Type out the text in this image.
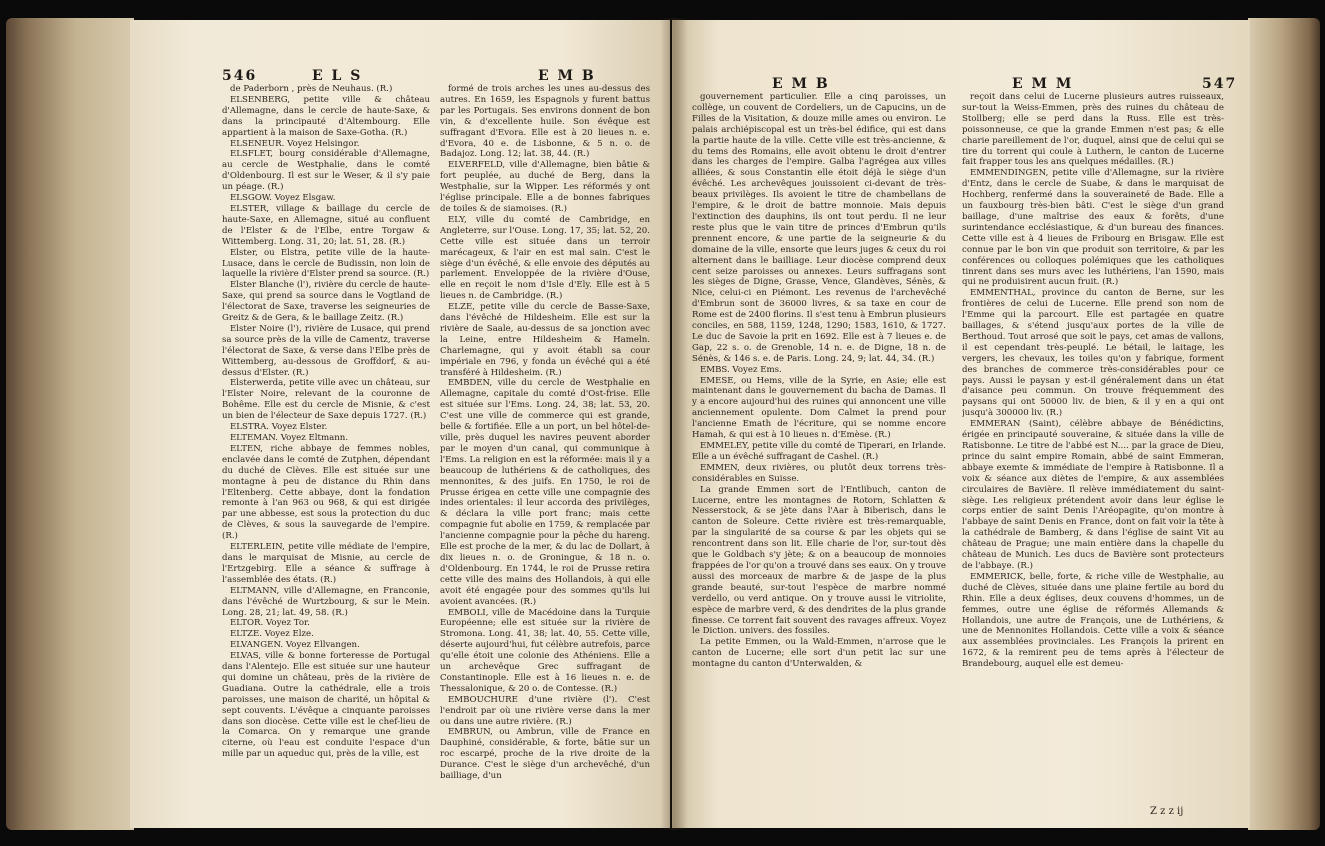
546	E L S	E M B

de Paderborn , près de Neuhaus. (R.)

ELSENBERG, petite ville & château d'Allemagne, dans le cercle de haute-Saxe, & dans la principauté d'Altembourg. Elle appartient à la maison de Saxe-Gotha. (R.)

ELSENEUR. Voyez Helsingor.

ELSFLET, bourg considérable d'Allemagne, au cercle de Westphalie, dans le comté d'Oldenbourg. Il est sur le Weser, & il s'y paie un péage. (R.)

ELSGOW. Voyez Elsgaw.

ELSTER, village & baillage du cercle de haute-Saxe, en Allemagne, situé au confluent de l'Elster & de l'Elbe, entre Torgaw & Wittemberg. Long. 31, 20; lat. 51, 28. (R.)

Elster, ou Elstra, petite ville de la haute-Lusace, dans le cercle de Budissin, non loin de laquelle la rivière d'Elster prend sa source. (R.)

Elster Blanche (l'), rivière du cercle de haute-Saxe, qui prend sa source dans le Vogtland de l'électorat de Saxe, traverse les seigneuries de Greitz & de Gera, & le baillage Zeitz. (R.)

Elster Noire (l'), rivière de Lusace, qui prend sa source près de la ville de Camentz, traverse l'électorat de Saxe, & verse dans l'Elbe près de Wittemberg, au-dessous de Groffdorf, & au-dessus d'Elster. (R.)

Elsterwerda, petite ville avec un château, sur l'Elster Noire, relevant de la couronne de Bohême. Elle est du cercle de Misnie, & c'est un bien de l'électeur de Saxe depuis 1727. (R.)

ELSTRA. Voyez Elster.

ELTEMAN. Voyez Eltmann.

ELTEN, riche abbaye de femmes nobles, enclavée dans le comté de Zutphen, dépendant du duché de Clèves. Elle est située sur une montagne à peu de distance du Rhin dans l'Eltenberg. Cette abbaye, dont la fondation remonte à l'an 963 ou 968, & qui est dirigée par une abbesse, est sous la protection du duc de Clèves, & sous la sauvegarde de l'empire. (R.)

ELTERLEIN, petite ville médiate de l'empire, dans le marquisat de Misnie, au cercle de l'Ertzgebirg. Elle a séance & suffrage à l'assemblée des états. (R.)

ELTMANN, ville d'Allemagne, en Franconie, dans l'évêché de Wurtzbourg, & sur le Mein. Long. 28, 21; lat. 49, 58. (R.)

ELTOR. Voyez Tor.

ELTZE. Voyez Elze.

ELVANGEN. Voyez Ellvangen.

ELVAS, ville & bonne forteresse de Portugal dans l'Alentejo. Elle est située sur une hauteur qui domine un château, près de la rivière de Guadiana. Outre la cathédrale, elle a trois paroisses, une maison de charité, un hôpital & sept couvents. L'évêque a cinquante paroisses dans son diocèse. Cette ville est le chef-lieu de la Comarca. On y remarque une grande citerne, où l'eau est conduite l'espace d'un mille par un aqueduc qui, près de la ville, est

formé de trois arches les unes au-dessus des autres. En 1659, les Espagnols y furent battus par les Portugais. Ses environs donnent de bon vin, & d'excellente huile. Son évêque est suffragant d'Evora. Elle est à 20 lieues n. e. d'Evora, 40 e. de Lisbonne, & 5 n. o. de Badajoz. Long. 12; lat. 38, 44. (R.)

ELVERFELD, ville d'Allemagne, bien bâtie & fort peuplée, au duché de Berg, dans la Westphalie, sur la Wipper. Les réformés y ont l'église principale. Elle a de bonnes fabriques de toiles & de siamoises. (R.)

ELY, ville du comté de Cambridge, en Angleterre, sur l'Ouse. Long. 17, 35; lat. 52, 20. Cette ville est située dans un terroir marécageux, & l'air en est mal sain. C'est le siège d'un évêché, & elle envoie des députés au parlement. Enveloppée de la rivière d'Ouse, elle en reçoit le nom d'Isle d'Ely. Elle est à 5 lieues n. de Cambridge. (R.)

ELZE, petite ville du cercle de Basse-Saxe, dans l'évêché de Hildesheim. Elle est sur la rivière de Saale, au-dessus de sa jonction avec la Leine, entre Hildesheim & Hameln. Charlemagne, qui y avoit établi sa cour impériale en 796, y fonda un évêché qui a été transféré à Hildesheim. (R.)

EMBDEN, ville du cercle de Westphalie en Allemagne, capitale du comté d'Ost-frise. Elle est située sur l'Ems. Long. 24, 38; lat. 53, 20. C'est une ville de commerce qui est grande, belle & fortifiée. Elle a un port, un bel hôtel-de-ville, près duquel les navires peuvent aborder par le moyen d'un canal, qui communique à l'Ems. La religion en est la réformée: mais il y a beaucoup de luthériens & de catholiques, des mennonites, & des juifs. En 1750, le roi de Prusse érigea en cette ville une compagnie des indes orientales: il leur accorda des privilèges, & déclara la ville port franc; mais cette compagnie fut abolie en 1759, & remplacée par l'ancienne compagnie pour la pêche du hareng. Elle est proche de la mer, & du lac de Dollart, à dix lieues n. o. de Groningue, & 18 n. o. d'Oldenbourg. En 1744, le roi de Prusse retira cette ville des mains des Hollandois, à qui elle avoit été engagée pour des sommes qu'ils lui avoient avancées. (R.)

EMBOLI, ville de Macédoine dans la Turquie Européenne; elle est située sur la rivière de Stromona. Long. 41, 38; lat. 40, 55. Cette ville, déserte aujourd'hui, fut célèbre autrefois, parce qu'elle étoit une colonie des Athéniens. Elle a un archevêque Grec suffragant de Constantinople. Elle est à 16 lieues n. e. de Thessalonique, & 20 o. de Contesse. (R.)

EMBOUCHURE d'une rivière (l'). C'est l'endroit par où une rivière verse dans la mer ou dans une autre rivière. (R.)

EMBRUN, ou Ambrun, ville de France en Dauphiné, considérable, & forte, bâtie sur un roc escarpé, proche de la rive droite de la Durance. C'est le siège d'un archevêché, d'un bailliage, d'un

E M B	E M M	547

gouvernement particulier. Elle a cinq paroisses, un collège, un couvent de Cordeliers, un de Capucins, un de Filles de la Visitation, & douze mille ames ou environ. Le palais archiépiscopal est un très-bel édifice, qui est dans la partie haute de la ville. Cette ville est très-ancienne, & du tems des Romains, elle avoit obtenu le droit d'entrer dans les charges de l'empire. Galba l'agrégea aux villes alliées, & sous Constantin elle étoit déjà le siège d'un évêché. Les archevêques jouissoient ci-devant de très-beaux privilèges. Ils avoient le titre de chambellans de l'empire, & le droit de battre monnoie. Mais depuis l'extinction des dauphins, ils ont tout perdu. Il ne leur reste plus que le vain titre de princes d'Embrun qu'ils prennent encore, & une partie de la seigneurie & du domaine de la ville, ensorte que leurs juges & ceux du roi alternent dans le bailliage. Leur diocèse comprend deux cent seize paroisses ou annexes. Leurs suffragans sont les sièges de Digne, Grasse, Vence, Glandèves, Sénès, & Nice, celui-ci en Piémont. Les revenus de l'archevêché d'Embrun sont de 36000 livres, & sa taxe en cour de Rome est de 2400 florins. Il s'est tenu à Embrun plusieurs conciles, en 588, 1159, 1248, 1290; 1583, 1610, & 1727. Le duc de Savoie la prit en 1692. Elle est à 7 lieues e. de Gap, 22 s. o. de Grenoble, 14 n. e. de Digne, 18 n. de Sénès, & 146 s. e. de Paris. Long. 24, 9; lat. 44, 34. (R.)

EMBS. Voyez Ems.

EMESE, ou Hems, ville de la Syrie, en Asie; elle est maintenant dans le gouvernement du bacha de Damas. Il y a encore aujourd'hui des ruines qui annoncent une ville anciennement opulente. Dom Calmet la prend pour l'ancienne Emath de l'écriture, qui se nomme encore Hamah, & qui est à 10 lieues n. d'Emèse. (R.)

EMMELEY, petite ville du comté de Tiperari, en Irlande. Elle a un évêché suffragant de Cashel. (R.)

EMMEN, deux rivières, ou plutôt deux torrens très-considérables en Suisse.

La grande Emmen sort de l'Entlibuch, canton de Lucerne, entre les montagnes de Rotorn, Schlatten & Nesserstock, & se jète dans l'Aar à Biberisch, dans le canton de Soleure. Cette rivière est très-remarquable, par la singularité de sa course & par les objets qui se rencontrent dans son lit. Elle charie de l'or, sur-tout dès que le Goldbach s'y jète; & on a beaucoup de monnoies frappées de l'or qu'on a trouvé dans ses eaux. On y trouve aussi des morceaux de marbre & de jaspe de la plus grande beauté, sur-tout l'espèce de marbre nommé verdello, ou verd antique. On y trouve aussi le vitriolite, espèce de marbre verd, & des dendrites de la plus grande finesse. Ce torrent fait souvent des ravages affreux. Voyez le Diction. univers. des fossiles.

La petite Emmen, ou la Wald-Emmen, n'arrose que le canton de Lucerne; elle sort d'un petit lac sur une montagne du canton d'Unterwalden, &

reçoit dans celui de Lucerne plusieurs autres ruisseaux, sur-tout la Weiss-Emmen, près des ruines du château de Stollberg; elle se perd dans la Russ. Elle est très-poissonneuse, ce que la grande Emmen n'est pas; & elle charie pareillement de l'or, duquel, ainsi que de celui qui se tire du torrent qui coule à Luthern, le canton de Lucerne fait frapper tous les ans quelques médailles. (R.)

EMMENDINGEN, petite ville d'Allemagne, sur la rivière d'Entz, dans le cercle de Suabe, & dans le marquisat de Hochberg, renfermé dans la souveraineté de Bade. Elle a un fauxbourg très-bien bâti. C'est le siège d'un grand baillage, d'une maîtrise des eaux & forêts, d'une surintendance ecclésiastique, & d'un bureau des finances. Cette ville est à 4 lieues de Fribourg en Brisgaw. Elle est connue par le bon vin que produit son territoire, & par les conférences ou colloques polémiques que les catholiques tinrent dans ses murs avec les luthériens, l'an 1590, mais qui ne produisirent aucun fruit. (R.)

EMMENTHAL, province du canton de Berne, sur les frontières de celui de Lucerne. Elle prend son nom de l'Emme qui la parcourt. Elle est partagée en quatre baillages, & s'étend jusqu'aux portes de la ville de Berthoud. Tout arrosé que soit le pays, cet amas de vallons, il est cependant très-peuplé. Le bétail, le laitage, les vergers, les chevaux, les toiles qu'on y fabrique, forment des branches de commerce très-considérables pour ce pays. Aussi le paysan y est-il généralement dans un état d'aisance peu commun. On trouve fréquemment des paysans qui ont 50000 liv. de bien, & il y en a qui ont jusqu'à 300000 liv. (R.)

EMMERAN (Saint), célèbre abbaye de Bénédictins, érigée en principauté souveraine, & située dans la ville de Ratisbonne. Le titre de l'abbé est N.... par la grace de Dieu, prince du saint empire Romain, abbé de saint Emmeran, abbaye exemte & immédiate de l'empire à Ratisbonne. Il a voix & séance aux diètes de l'empire, & aux assemblées circulaires de Bavière. Il relève immédiatement du saint-siège. Les religieux prétendent avoir dans leur église le corps entier de saint Denis l'Aréopagite, qu'on montre à l'abbaye de saint Denis en France, dont on fait voir la tête à la cathédrale de Bamberg, & dans l'église de saint Vit au château de Prague; une main entière dans la chapelle du château de Munich. Les ducs de Bavière sont protecteurs de l'abbaye. (R.)

EMMERICK, belle, forte, & riche ville de Westphalie, au duché de Clèves, située dans une plaine fertile au bord du Rhin. Elle a deux églises, deux couvens d'hommes, un de femmes, outre une église de réformés Allemands & Hollandois, une autre de François, une de Luthériens, & une de Mennonites Hollandois. Cette ville a voix & séance aux assemblées provinciales. Les François la prirent en 1672, & la remirent peu de tems après à l'électeur de Brandebourg, auquel elle est demeu-

Z z z ij
